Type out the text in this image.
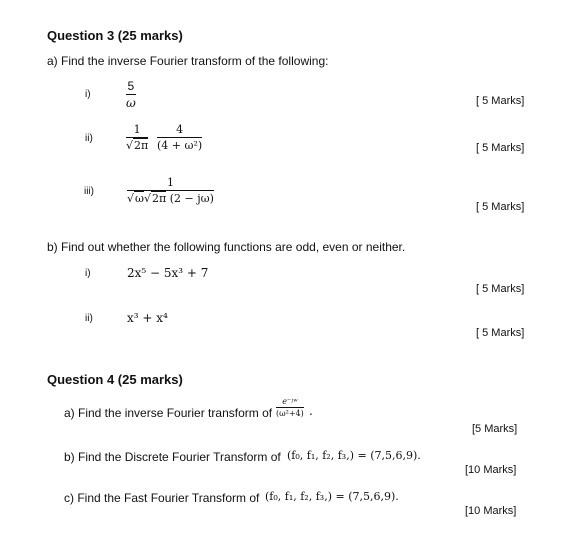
Question 3 (25 marks)
a) Find the inverse Fourier transform of the following:
i)	$\frac{5}{\omega}$	[ 5 Marks]
ii)	$\frac{1}{√2\pi} \frac{4}{\text{(4 + ω²)}}$	[ 5 Marks]
iii)	$\frac{1}{√\omega√2\pi (2 - j\omega)}$
[ 5 Marks]
b) Find out whether the following functions are odd, even or neither.
i)	2x⁵ − 5x³ + 7
[ 5 Marks]
ii)	x³ + x⁴
[ 5 Marks]
Question 4 (25 marks)
a) Find the inverse Fourier transform of $\frac{\text{e⁻ʲʷ}}{\text{(ω²+4)}}$ .
[5 Marks]
b) Find the Discrete Fourier Transform of (f₀, f₁, f₂, f₃,) = (7,5,6,9).
[10 Marks]
c) Find the Fast Fourier Transform of (f₀, f₁, f₂, f₃,) = (7,5,6,9).
[10 Marks]
